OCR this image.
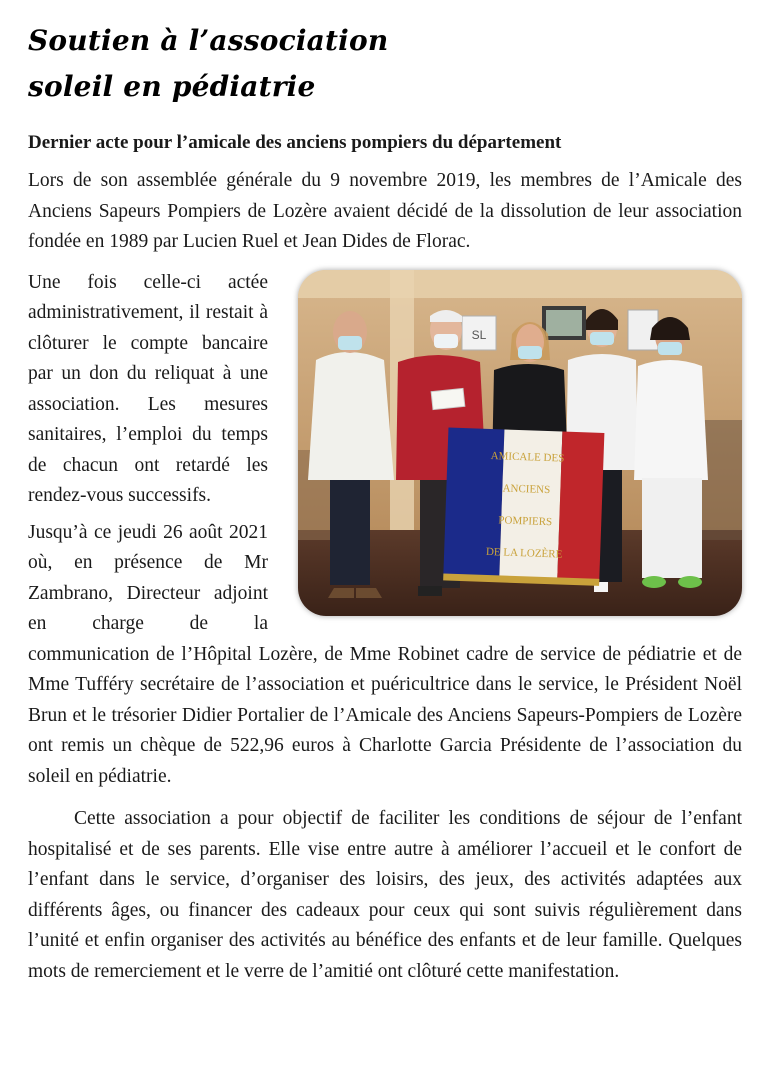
Soutien à l’association
soleil en pédiatrie
Dernier acte pour l’amicale des anciens pompiers du département

Lors de son assemblée générale du 9 novembre 2019, les membres de l’Amicale des Anciens Sapeurs Pompiers de Lozère avaient décidé de la dissolution de leur association fondée en 1989 par Lucien Ruel et Jean Dides de Florac.

SL
AMICALE DES
ANCIENS
POMPIERS
DE LA LOZÈRE

Une fois celle-ci actée administrativement, il restait à clôturer le compte bancaire par un don du reliquat à une association. Les mesures sanitaires, l’emploi du temps de chacun ont retardé les rendez-vous successifs.

Jusqu’à ce jeudi 26 août 2021 où, en présence de Mr Zambrano, Directeur adjoint en charge de la communication de l’Hôpital Lozère, de Mme Robinet cadre de service de pédiatrie et de Mme Tufféry secrétaire de l’association et puéricultrice dans le service, le Président Noël Brun et le trésorier Didier Portalier de l’Amicale des Anciens Sapeurs-Pompiers de Lozère ont remis un chèque de 522,96 euros à Charlotte Garcia Présidente de l’association du soleil en pédiatrie.

Cette association a pour objectif de faciliter les conditions de séjour de l’enfant hospitalisé et de ses parents. Elle vise entre autre à améliorer l’accueil et le confort de l’enfant dans le service, d’organiser des loisirs, des jeux, des activités adaptées aux différents âges, ou financer des cadeaux pour ceux qui sont suivis régulièrement dans l’unité et enfin organiser des activités au bénéfice des enfants et de leur famille. Quelques mots de remerciement et le verre de l’amitié ont clôturé cette manifestation.
